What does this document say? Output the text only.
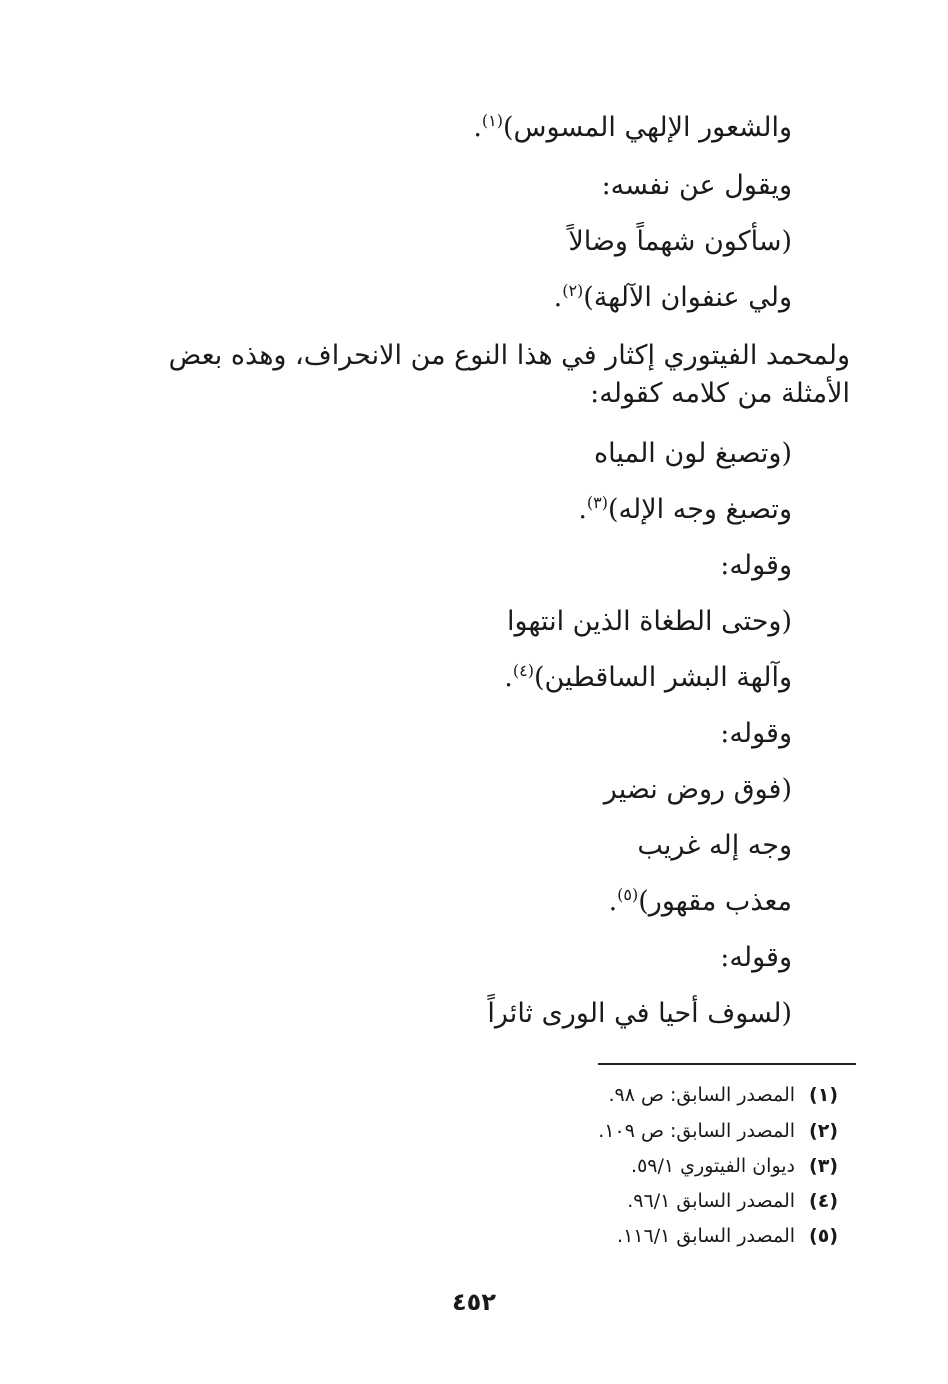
والشعور الإلهي المسوس)$^{(١)}$.
ويقول عن نفسه:
(سأكون شهماً وضالاً
ولي عنفوان الآلهة)$^{(٢)}$.
ولمحمد الفيتوري إكثار في هذا النوع من الانحراف، وهذه بعض
الأمثلة من كلامه كقوله:
(وتصبغ لون المياه
وتصبغ وجه الإله)$^{(٣)}$.
وقوله:
(وحتى الطغاة الذين انتهوا
وآلهة البشر الساقطين)$^{(٤)}$.
وقوله:
(فوق روض نضير
وجه إله غريب
معذب مقهور)$^{(٥)}$.
وقوله:
(لسوف أحيا في الورى ثائراً
(١)المصدر السابق: ص ٩٨.
(٢)المصدر السابق: ص ١٠٩.
(٣)ديوان الفيتوري ٥٩/١.
(٤)المصدر السابق ٩٦/١.
(٥)المصدر السابق ١١٦/١.
٤٥٢
